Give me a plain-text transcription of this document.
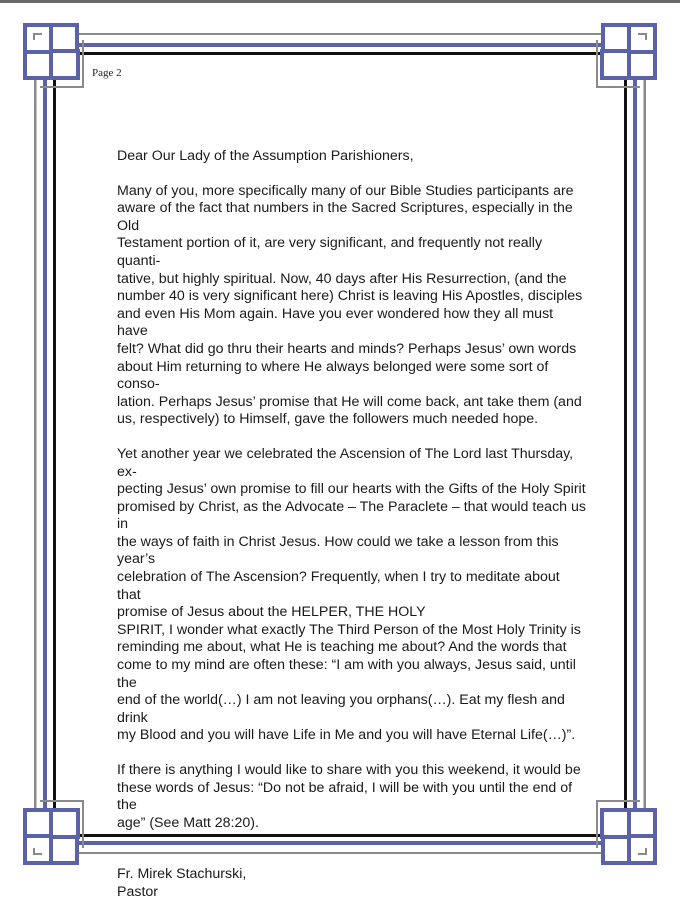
Page 2

Dear Our Lady of the Assumption Parishioners,

Many of you, more specifically many of our Bible Studies participants are

aware of the fact that numbers in the Sacred Scriptures, especially in the Old

Testament portion of it, are very significant, and frequently not really quanti-

tative, but highly spiritual. Now, 40 days after His Resurrection, (and the

number 40 is very significant here) Christ is leaving His Apostles, disciples

and even His Mom again. Have you ever wondered how they all must have

felt? What did go thru their hearts and minds? Perhaps Jesus’ own words

about Him returning to where He always belonged were some sort of conso-

lation. Perhaps Jesus’ promise that He will come back, ant take them (and

us, respectively) to Himself, gave the followers much needed hope.

Yet another year we celebrated the Ascension of The Lord last Thursday, ex-

pecting Jesus’ own promise to fill our hearts with the Gifts of the Holy Spirit

promised by Christ, as the Advocate – The Paraclete – that would teach us in

the ways of faith in Christ Jesus. How could we take a lesson from this year’s

celebration of The Ascension? Frequently, when I try to meditate about that

promise of Jesus about the HELPER, THE HOLY

SPIRIT, I wonder what exactly The Third Person of the Most Holy Trinity is

reminding me about, what He is teaching me about? And the words that

come to my mind are often these: “I am with you always, Jesus said, until the

end of the world(…) I am not leaving you orphans(…). Eat my flesh and drink

my Blood and you will have Life in Me and you will have Eternal Life(…)”.

If there is anything I would like to share with you this weekend, it would be

these words of Jesus: “Do not be afraid, I will be with you until the end of the

age” (See Matt 28:20).

Fr. Mirek Stachurski,

Pastor
